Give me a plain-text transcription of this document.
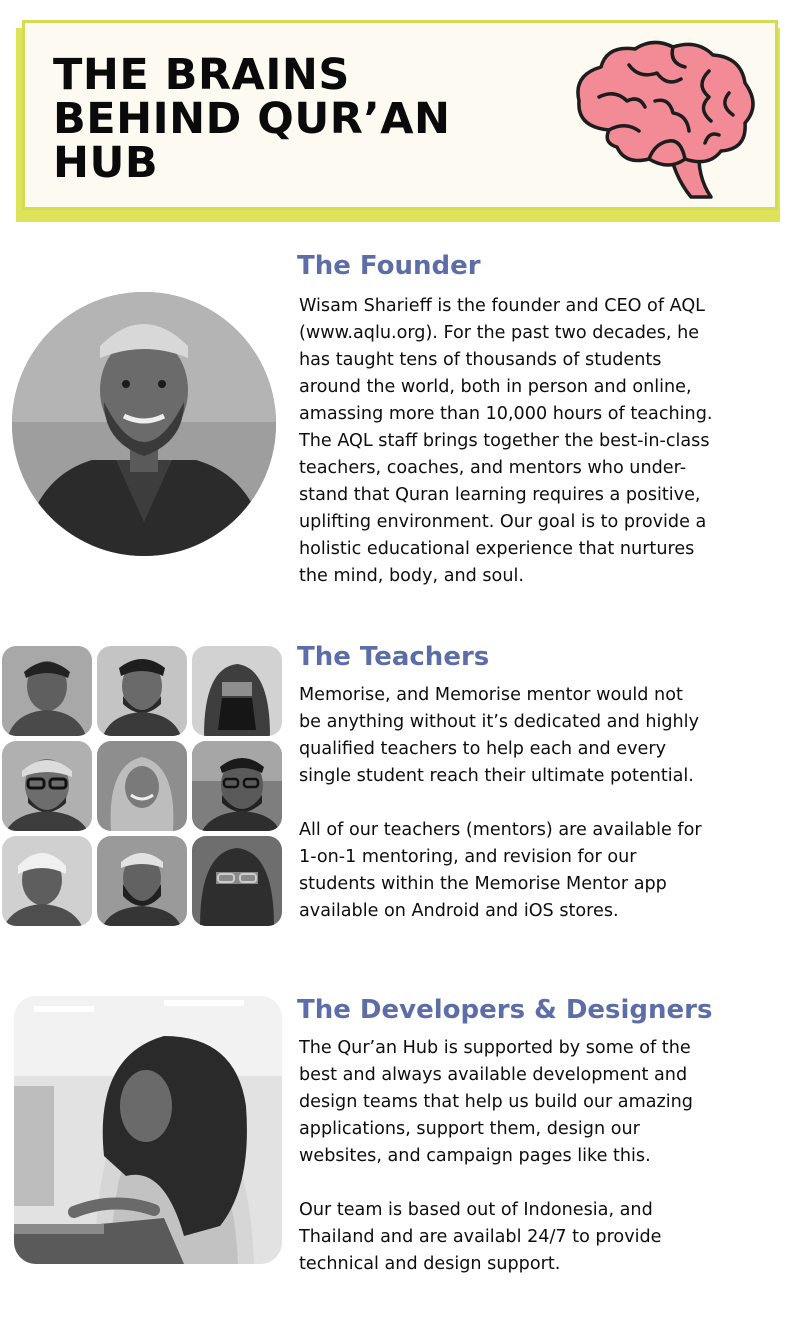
THE BRAINS
BEHIND QUR’AN
HUB
The Founder
Wisam Sharieff is the founder and CEO of AQL
(www.aqlu.org). For the past two decades, he
has taught tens of thousands of students
around the world, both in person and online,
amassing more than 10,000 hours of teaching.
The AQL staff brings together the best-in-class
teachers, coaches, and mentors who under-
stand that Quran learning requires a positive,
uplifting environment. Our goal is to provide a
holistic educational experience that nurtures
the mind, body, and soul.
The Teachers
Memorise, and Memorise mentor would not
be anything without it’s dedicated and highly
qualified teachers to help each and every
single student reach their ultimate potential.
All of our teachers (mentors) are available for
1-on-1 mentoring, and revision for our
students within the Memorise Mentor app
available on Android and iOS stores.
The Developers & Designers
The Qur’an Hub is supported by some of the
best and always available development and
design teams that help us build our amazing
applications, support them, design our
websites, and campaign pages like this.
Our team is based out of Indonesia, and
Thailand and are availabl 24/7 to provide
technical and design support.
